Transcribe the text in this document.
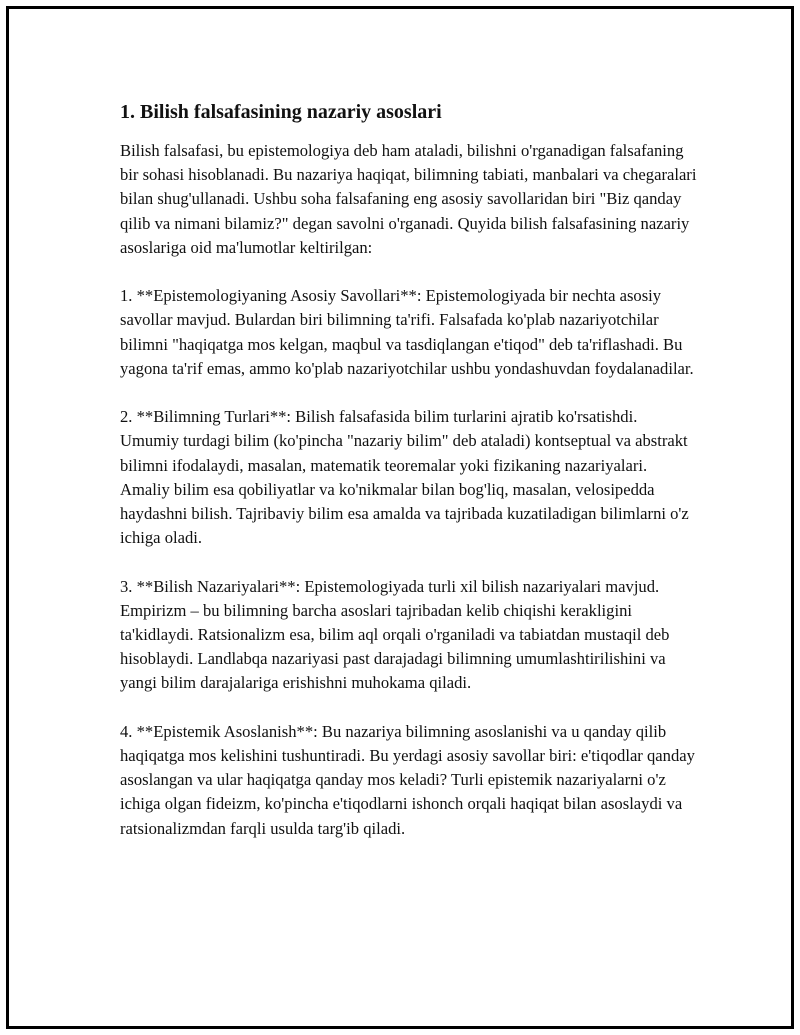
1. Bilish falsafasining nazariy asoslari

Bilish falsafasi, bu epistemologiya deb ham ataladi, bilishni o'rganadigan falsafaning bir sohasi hisoblanadi. Bu nazariya haqiqat, bilimning tabiati, manbalari va chegaralari bilan shug'ullanadi. Ushbu soha falsafaning eng asosiy savollaridan biri "Biz qanday qilib va nimani bilamiz?" degan savolni o'rganadi. Quyida bilish falsafasining nazariy asoslariga oid ma'lumotlar keltirilgan:

1. **Epistemologiyaning Asosiy Savollari**: Epistemologiyada bir nechta asosiy savollar mavjud. Bulardan biri bilimning ta'rifi. Falsafada ko'plab nazariyotchilar bilimni "haqiqatga mos kelgan, maqbul va tasdiqlangan e'tiqod" deb ta'riflashadi. Bu yagona ta'rif emas, ammo ko'plab nazariyotchilar ushbu yondashuvdan foydalanadilar.

2. **Bilimning Turlari**: Bilish falsafasida bilim turlarini ajratib ko'rsatishdi. Umumiy turdagi bilim (ko'pincha "nazariy bilim" deb ataladi) kontseptual va abstrakt bilimni ifodalaydi, masalan, matematik teoremalar yoki fizikaning nazariyalari. Amaliy bilim esa qobiliyatlar va ko'nikmalar bilan bog'liq, masalan, velosipedda haydashni bilish. Tajribaviy bilim esa amalda va tajribada kuzatiladigan bilimlarni o'z ichiga oladi.

3. **Bilish Nazariyalari**: Epistemologiyada turli xil bilish nazariyalari mavjud. Empirizm – bu bilimning barcha asoslari tajribadan kelib chiqishi kerakligini ta'kidlaydi. Ratsionalizm esa, bilim aql orqali o'rganiladi va tabiatdan mustaqil deb hisoblaydi. Landlabqa nazariyasi past darajadagi bilimning umumlashtirilishini va yangi bilim darajalariga erishishni muhokama qiladi.

4. **Epistemik Asoslanish**: Bu nazariya bilimning asoslanishi va u qanday qilib haqiqatga mos kelishini tushuntiradi. Bu yerdagi asosiy savollar biri: e'tiqodlar qanday asoslangan va ular haqiqatga qanday mos keladi? Turli epistemik nazariyalarni o'z ichiga olgan fideizm, ko'pincha e'tiqodlarni ishonch orqali haqiqat bilan asoslaydi va ratsionalizmdan farqli usulda targ'ib qiladi.
